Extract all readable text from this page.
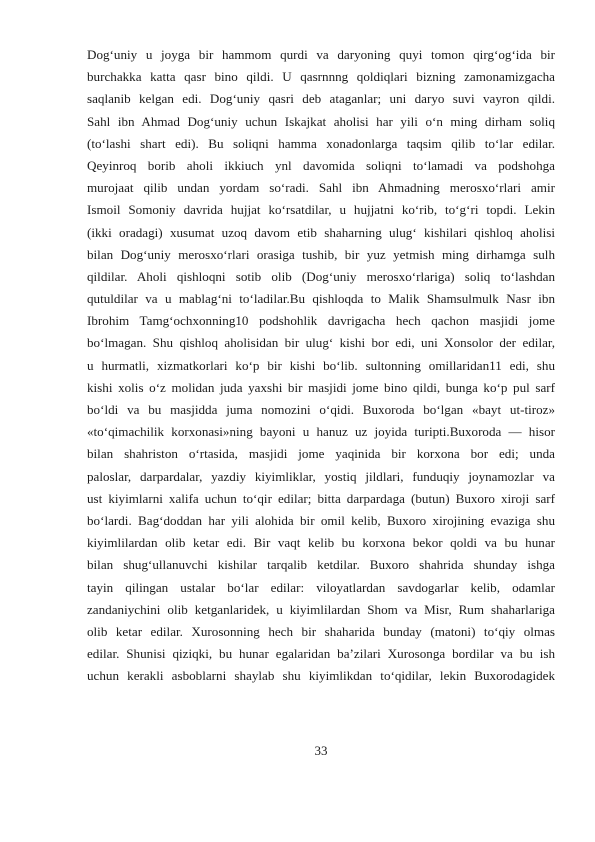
Dog‘uniy u joyga bir hammom qurdi va daryoning quyi tomon qirg‘og‘ida bir
burchakka katta qasr bino qildi. U qasrnnng qoldiqlari bizning zamonamizgacha
saqlanib kelgan edi. Dog‘uniy qasri deb ataganlar; uni daryo suvi vayron qildi.
Sahl ibn Ahmad Dog‘uniy uchun Iskajkat aholisi har yili o‘n ming dirham soliq
(to‘lashi shart edi). Bu soliqni hamma xonadonlarga taqsim qilib to‘lar edilar.
Qeyinroq borib aholi ikkiuch ynl davomida soliqni to‘lamadi va podshohga
murojaat qilib undan yordam so‘radi. Sahl ibn Ahmadning merosxo‘rlari amir
Ismoil Somoniy davrida hujjat ko‘rsatdilar, u hujjatni ko‘rib, to‘g‘ri topdi. Lekin
(ikki oradagi) xusumat uzoq davom etib shaharning ulug‘ kishilari qishloq aholisi
bilan Dog‘uniy merosxo‘rlari orasiga tushib, bir yuz yetmish ming dirhamga sulh
qildilar. Aholi qishloqni sotib olib (Dog‘uniy merosxo‘rlariga) soliq to‘lashdan
qutuldilar va u mablag‘ni to‘ladilar.Bu qishloqda to Malik Shamsulmulk Nasr ibn
Ibrohim Tamg‘ochxonning10 podshohlik davrigacha hech qachon masjidi jome
bo‘lmagan. Shu qishloq aholisidan bir ulug‘ kishi bor edi, uni Xonsolor der edilar,
u hurmatli, xizmatkorlari ko‘p bir kishi bo‘lib. sultonning omillaridan11 edi, shu
kishi xolis o‘z molidan juda yaxshi bir masjidi jome bino qildi, bunga ko‘p pul sarf
bo‘ldi va bu masjidda juma nomozini o‘qidi. Buxoroda bo‘lgan «bayt ut-tiroz»
«to‘qimachilik korxonasi»ning bayoni u hanuz uz joyida turipti.Buxoroda — hisor
bilan shahriston o‘rtasida, masjidi jome yaqinida bir korxona bor edi; unda
paloslar, darpardalar, yazdiy kiyimliklar, yostiq jildlari, funduqiy joynamozlar va
ust kiyimlarni xalifa uchun to‘qir edilar; bitta darpardaga (butun) Buxoro xiroji sarf
bo‘lardi. Bag‘doddan har yili alohida bir omil kelib, Buxoro xirojining evaziga shu
kiyimlilardan olib ketar edi. Bir vaqt kelib bu korxona bekor qoldi va bu hunar
bilan shug‘ullanuvchi kishilar tarqalib ketdilar. Buxoro shahrida shunday ishga
tayin qilingan ustalar bo‘lar edilar: viloyatlardan savdogarlar kelib, odamlar
zandaniychini olib ketganlaridek, u kiyimlilardan Shom va Misr, Rum shaharlariga
olib ketar edilar. Xurosonning hech bir shaharida bunday (matoni) to‘qiy olmas
edilar. Shunisi qiziqki, bu hunar egalaridan ba’zilari Xurosonga bordilar va bu ish
uchun kerakli asboblarni shaylab shu kiyimlikdan to‘qidilar, lekin Buxorodagidek
33
